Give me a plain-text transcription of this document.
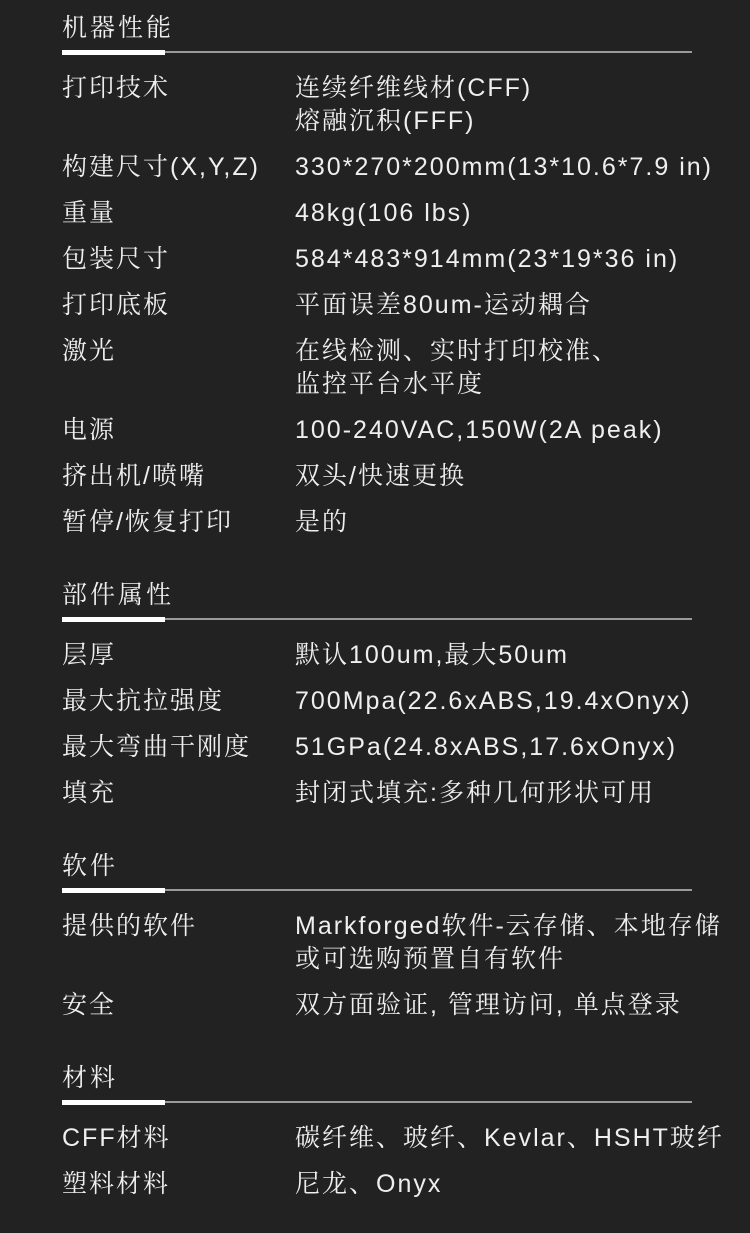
机器性能
打印技术	连续纤维线材(CFF)
熔融沉积(FFF)
构建尺寸(X,Y,Z)	330*270*200mm(13*10.6*7.9 in)
重量	48kg(106 lbs)
包装尺寸	584*483*914mm(23*19*36 in)
打印底板	平面误差80um-运动耦合
激光	在线检测、实时打印校准、
监控平台水平度
电源	100-240VAC,150W(2A peak)
挤出机/喷嘴	双头/快速更换
暂停/恢复打印	是的
部件属性
层厚	默认100um,最大50um
最大抗拉强度	700Mpa(22.6xABS,19.4xOnyx)
最大弯曲干刚度	51GPa(24.8xABS,17.6xOnyx)
填充	封闭式填充:多种几何形状可用
软件
提供的软件	Markforged软件-云存储、本地存储
或可选购预置自有软件
安全	双方面验证, 管理访问, 单点登录
材料
CFF材料	碳纤维、玻纤、Kevlar、HSHT玻纤
塑料材料	尼龙、Onyx
